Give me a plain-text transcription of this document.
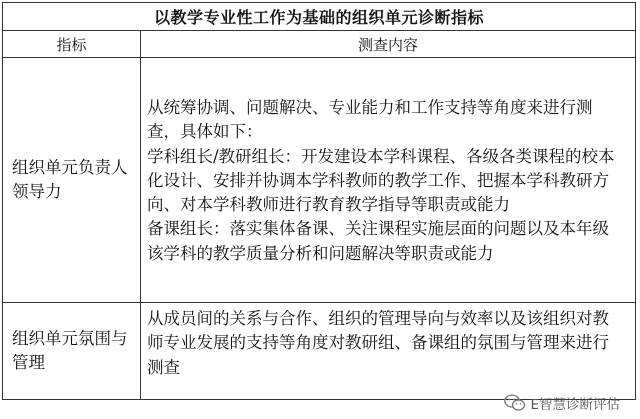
以教学专业性工作为基础的组织单元诊断指标	
指标	测查内容
组织单元负责人领导力	从统筹协调、问题解决、专业能力和工作支持等角度来进行测查，具体如下：
学科组长/教研组长：开发建设本学科课程、各级各类课程的校本化设计、安排并协调本学科教师的教学工作、把握本学科教研方向、对本学科教师进行教育教学指导等职责或能力
备课组长：落实集体备课、关注课程实施层面的问题以及本年级该学科的教学质量分析和问题解决等职责或能力

组织单元氛围与管理	从成员间的关系与合作、组织的管理导向与效率以及该组织对教师专业发展的支持等角度对教研组、备课组的氛围与管理来进行测查
E智慧诊断评估
